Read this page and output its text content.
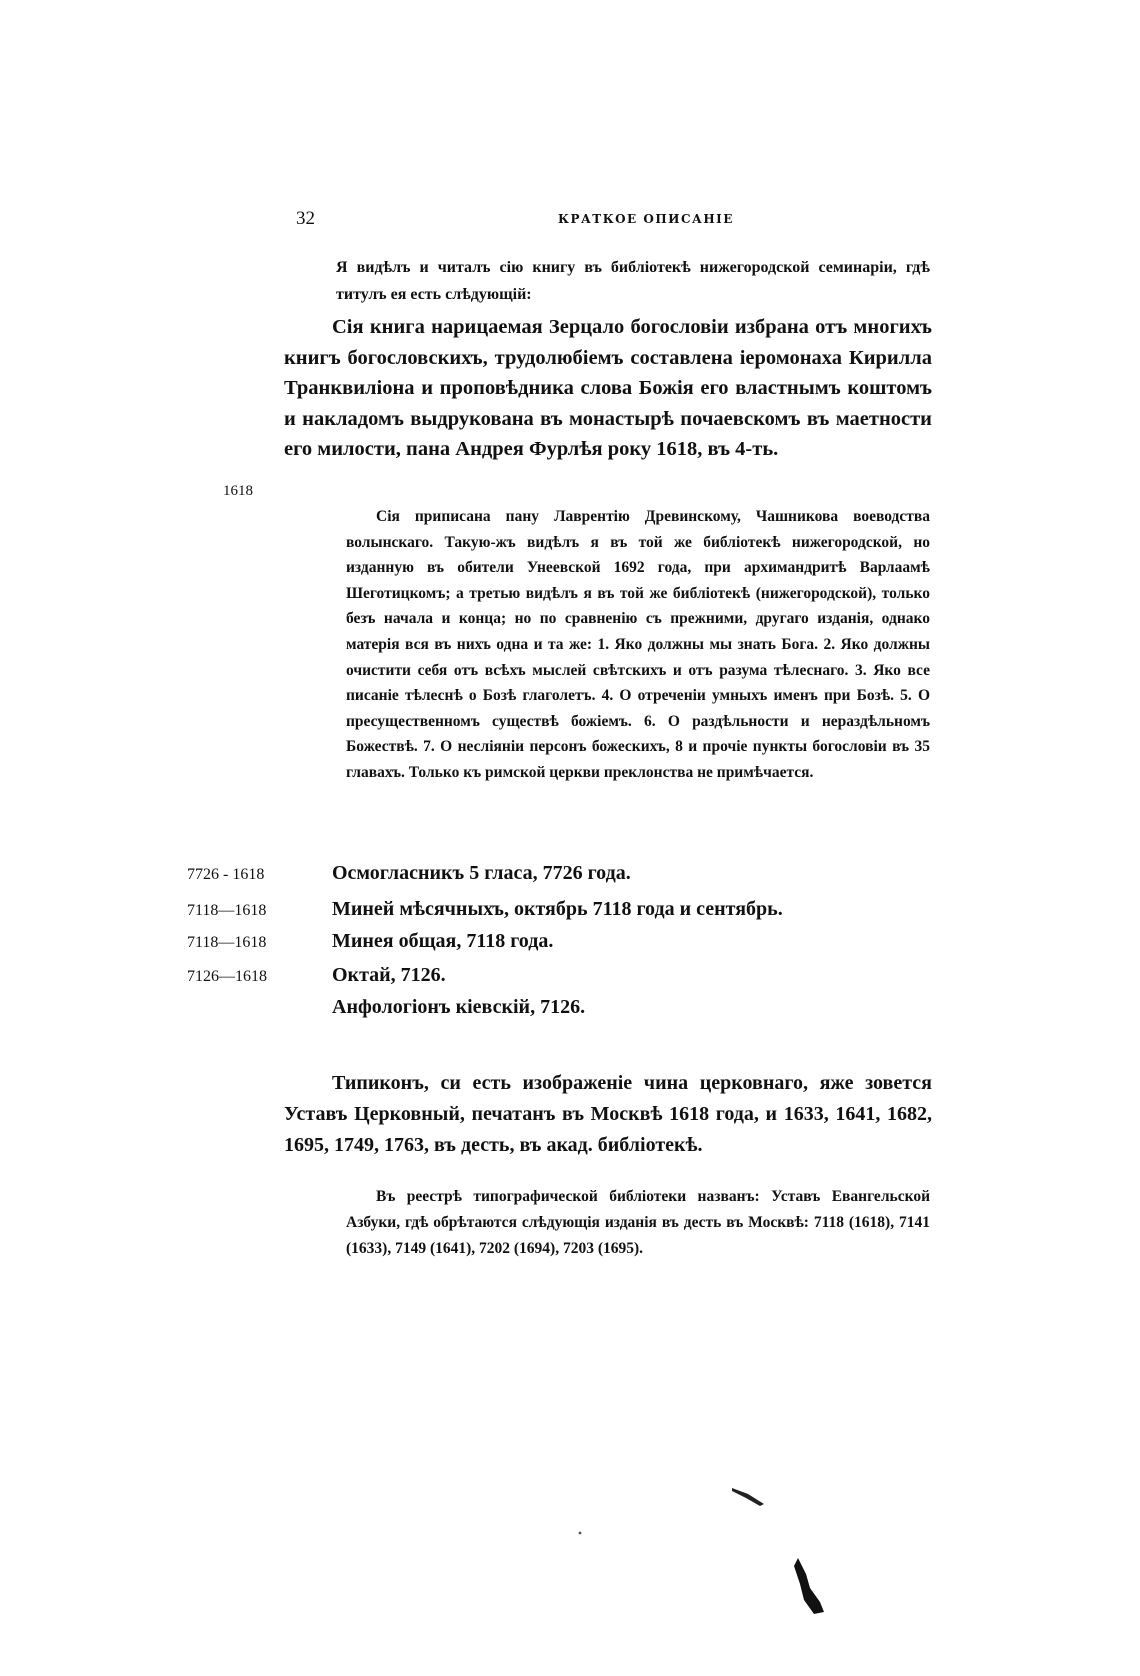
32	КРАТКОЕ ОПИСАНІЕ

Я видѣлъ и читалъ сію книгу въ библіотекѣ нижегородской семинаріи, гдѣ титулъ ея есть слѣдующій:

Сія книга нарицаемая Зерцало богословіи избрана отъ многихъ книгъ богословскихъ, трудолюбіемъ составлена іеромонаха Кирилла Транквиліона и проповѣдника слова Божія его властнымъ коштомъ и накладомъ выдрукована въ монастырѣ почаевскомъ въ маетности его милости, пана Андрея Фурлѣя року 1618, въ 4-ть.

1618

Сія приписана пану Лаврентію Древинскому, Чашникова воеводства волынскаго. Такую-жъ видѣлъ я въ той же библіотекѣ нижегородской, но изданную въ обители Унеевской 1692 года, при архимандритѣ Варлаамѣ Шеготицкомъ; а третью видѣлъ я въ той же библіотекѣ (нижегородской), только безъ начала и конца; но по сравненію съ прежними, другаго изданія, однако матерія вся въ нихъ одна и та же: 1. Яко должны мы знать Бога. 2. Яко должны очистити себя отъ всѣхъ мыслей свѣтскихъ и отъ разума тѣлеснаго. 3. Яко все писаніе тѣлеснѣ о Бозѣ глаголетъ. 4. О отреченіи умныхъ именъ при Бозѣ. 5. О пресущественномъ существѣ божіемъ. 6. О раздѣльности и нераздѣльномъ Божествѣ. 7. О несліяніи персонъ божескихъ, 8 и прочіе пункты богословіи въ 35 главахъ. Только къ римской церкви преклонства не примѣчается.

7726 - 1618	Осмогласникъ 5 гласа, 7726 года.
7118—1618	Миней мѣсячныхъ, октябрь 7118 года и сентябрь.
7118—1618	Минея общая, 7118 года.
7126—1618	Октай, 7126.
Анфологіонъ кіевскій, 7126.

Типиконъ, си есть изображеніе чина церковнаго, яже зовется Уставъ Церковный, печатанъ въ Москвѣ 1618 года, и 1633, 1641, 1682, 1695, 1749, 1763, въ десть, въ акад. библіотекѣ.

Въ реестрѣ типографической библіотеки названъ: Уставъ Евангельской Азбуки, гдѣ обрѣтаются слѣдующія изданія въ десть въ Москвѣ: 7118 (1618), 7141 (1633), 7149 (1641), 7202 (1694), 7203 (1695).
